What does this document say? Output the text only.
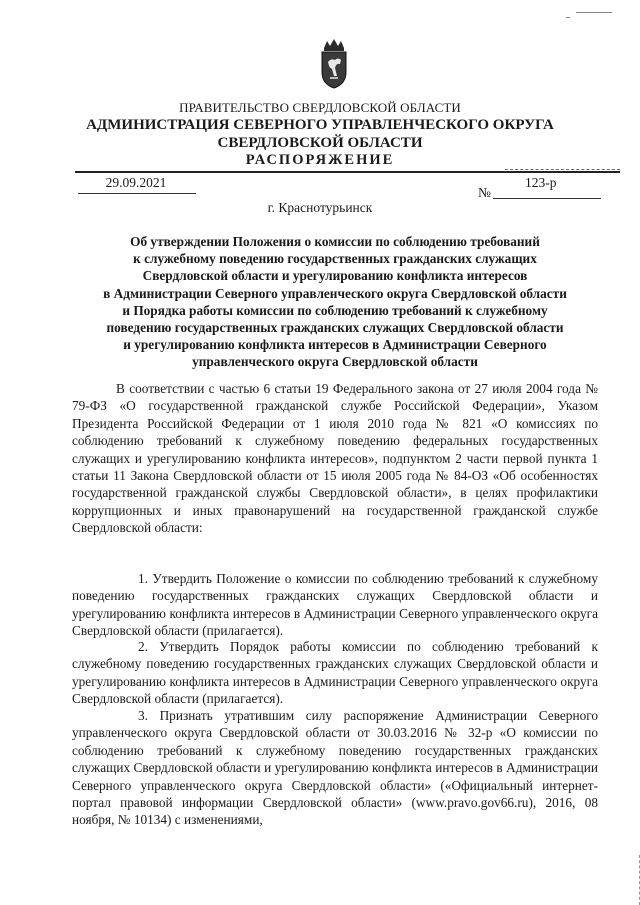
ПРАВИТЕЛЬСТВО СВЕРДЛОВСКОЙ ОБЛАСТИ
АДМИНИСТРАЦИЯ СЕВЕРНОГО УПРАВЛЕНЧЕСКОГО ОКРУГА
СВЕРДЛОВСКОЙ ОБЛАСТИ
РАСПОРЯЖЕНИЕ
29.09.2021
№
123-р
г. Краснотурьинск
Об утверждении Положения о комиссии по соблюдению требований
к служебному поведению государственных гражданских служащих
Свердловской области и урегулированию конфликта интересов
в Администрации Северного управленческого округа Свердловской области
и Порядка работы комиссии по соблюдению требований к служебному
поведению государственных гражданских служащих Свердловской области
и урегулированию конфликта интересов в Администрации Северного
управленческого округа Свердловской области
В соответствии с частью 6 статьи 19 Федерального закона от 27 июля 2004 года № 79-ФЗ «О государственной гражданской службе Российской Федерации», Указом Президента Российской Федерации от 1 июля 2010 года № 821 «О комиссиях по соблюдению требований к служебному поведению федеральных государственных служащих и урегулированию конфликта интересов», подпунктом 2 части первой пункта 1 статьи 11 Закона Свердловской области от 15 июля 2005 года № 84-ОЗ «Об особенностях государственной гражданской службы Свердловской области», в целях профилактики коррупционных и иных правонарушений на государственной гражданской службе Свердловской области:
1. Утвердить Положение о комиссии по соблюдению требований к служебному поведению государственных гражданских служащих Свердловской области и урегулированию конфликта интересов в Администрации Северного управленческого округа Свердловской области (прилагается).
2. Утвердить Порядок работы комиссии по соблюдению требований к служебному поведению государственных гражданских служащих Свердловской области и урегулированию конфликта интересов в Администрации Северного управленческого округа Свердловской области (прилагается).
3. Признать утратившим силу распоряжение Администрации Северного управленческого округа Свердловской области от 30.03.2016 № 32-р «О комиссии по соблюдению требований к служебному поведению государственных гражданских служащих Свердловской области и урегулированию конфликта интересов в Администрации Северного управленческого округа Свердловской области» («Официальный интернет-портал правовой информации Свердловской области» (www.pravo.gov66.ru), 2016, 08 ноября, № 10134) с изменениями,
